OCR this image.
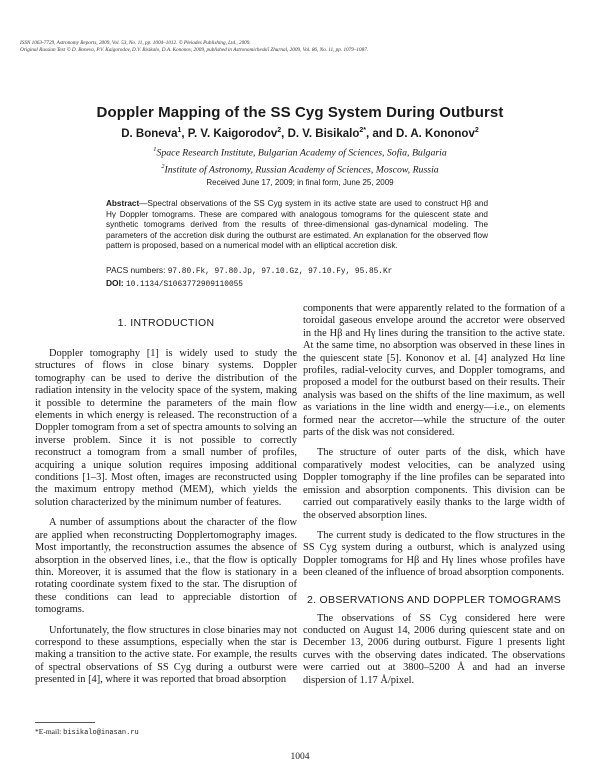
ISSN 1063-7729, Astronomy Reports, 2009, Vol. 53, No. 11, pp. 1004–1012. © Pleiades Publishing, Ltd., 2009.
Original Russian Text © D. Boneva, P.V. Kaigorodov, D.V. Bisikalo, D.A. Kononov, 2009, published in Astronomicheskiĭ Zhurnal, 2009, Vol. 86, No. 11, pp. 1079–1087.
Doppler Mapping of the SS Cyg System During Outburst
D. Boneva$^1$, P. V. Kaigorodov$^2$, D. V. Bisikalo$^{2*}$, and D. A. Kononov$^2$
$^1$Space Research Institute, Bulgarian Academy of Sciences, Sofia, Bulgaria
$^2$Institute of Astronomy, Russian Academy of Sciences, Moscow, Russia
Received June 17, 2009; in final form, June 25, 2009
Abstract—Spectral observations of the SS Cyg system in its active state are used to construct Hβ and Hγ Doppler tomograms. These are compared with analogous tomograms for the quiescent state and synthetic tomograms derived from the results of three-dimensional gas-dynamical modeling. The parameters of the accretion disk during the outburst are estimated. An explanation for the observed flow pattern is proposed, based on a numerical model with an elliptical accretion disk.
PACS numbers: 97.80.Fk, 97.80.Jp, 97.10.Gz, 97.10.Fy, 95.85.Kr
DOI: 10.1134/S1063772909110055
1. INTRODUCTION

Doppler tomography [1] is widely used to study the structures of flows in close binary systems. Doppler tomography can be used to derive the distribution of the radiation intensity in the velocity space of the system, making it possible to determine the parameters of the main flow elements in which energy is released. The reconstruction of a Doppler tomogram from a set of spectra amounts to solving an inverse problem. Since it is not possible to correctly reconstruct a tomogram from a small number of profiles, acquiring a unique solution requires imposing additional conditions [1–3]. Most often, images are reconstructed using the maximum entropy method (MEM), which yields the solution characterized by the minimum number of features.

A number of assumptions about the character of the flow are applied when reconstructing Dopplertomography images. Most importantly, the reconstruction assumes the absence of absorption in the observed lines, i.e., that the flow is optically thin. Moreover, it is assumed that the flow is stationary in a rotating coordinate system fixed to the star. The disruption of these conditions can lead to appreciable distortion of tomograms.

Unfortunately, the flow structures in close binaries may not correspond to these assumptions, especially when the star is making a transition to the active state. For example, the results of spectral observations of SS Cyg during a outburst were presented in [4], where it was reported that broad absorption

components that were apparently related to the formation of a toroidal gaseous envelope around the accretor were observed in the Hβ and Hγ lines during the transition to the active state. At the same time, no absorption was observed in these lines in the quiescent state [5]. Kononov et al. [4] analyzed Hα line profiles, radial-velocity curves, and Doppler tomograms, and proposed a model for the outburst based on their results. Their analysis was based on the shifts of the line maximum, as well as variations in the line width and energy—i.e., on elements formed near the accretor—while the structure of the outer parts of the disk was not considered.

The structure of outer parts of the disk, which have comparatively modest velocities, can be analyzed using Doppler tomography if the line profiles can be separated into emission and absorption components. This division can be carried out comparatively easily thanks to the large width of the observed absorption lines.

The current study is dedicated to the flow structures in the SS Cyg system during a outburst, which is analyzed using Doppler tomograms for Hβ and Hγ lines whose profiles have been cleaned of the influence of broad absorption components.

2. OBSERVATIONS AND DOPPLER TOMOGRAMS

The observations of SS Cyg considered here were conducted on August 14, 2006 during quiescent state and on December 13, 2006 during outburst. Figure 1 presents light curves with the observing dates indicated. The observations were carried out at 3800–5200 Å and had an inverse dispersion of 1.17 Å/pixel.

*E-mail: bisikalo@inasan.ru
1004
